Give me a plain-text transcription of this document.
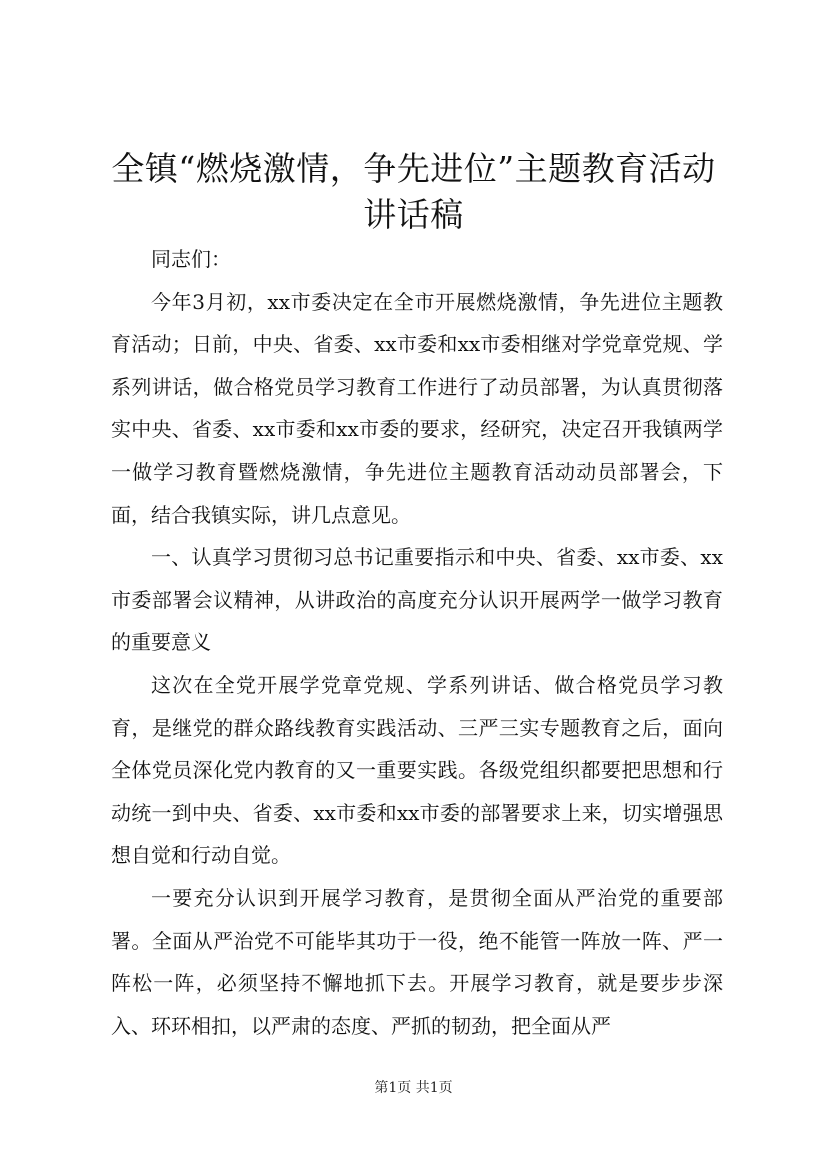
全镇“燃烧激情，争先进位”主题教育活动讲话稿

同志们：

今年3月初，xx市委决定在全市开展燃烧激情，争先进位主题教育活动；日前，中央、省委、xx市委和xx市委相继对学党章党规、学系列讲话，做合格党员学习教育工作进行了动员部署，为认真贯彻落实中央、省委、xx市委和xx市委的要求，经研究，决定召开我镇两学一做学习教育暨燃烧激情，争先进位主题教育活动动员部署会，下面，结合我镇实际，讲几点意见。

一、认真学习贯彻习总书记重要指示和中央、省委、xx市委、xx市委部署会议精神，从讲政治的高度充分认识开展两学一做学习教育的重要意义

这次在全党开展学党章党规、学系列讲话、做合格党员学习教育，是继党的群众路线教育实践活动、三严三实专题教育之后，面向全体党员深化党内教育的又一重要实践。各级党组织都要把思想和行动统一到中央、省委、xx市委和xx市委的部署要求上来，切实增强思想自觉和行动自觉。

一要充分认识到开展学习教育，是贯彻全面从严治党的重要部署。全面从严治党不可能毕其功于一役，绝不能管一阵放一阵、严一阵松一阵，必须坚持不懈地抓下去。开展学习教育，就是要步步深入、环环相扣，以严肃的态度、严抓的韧劲，把全面从严

第1页 共1页
